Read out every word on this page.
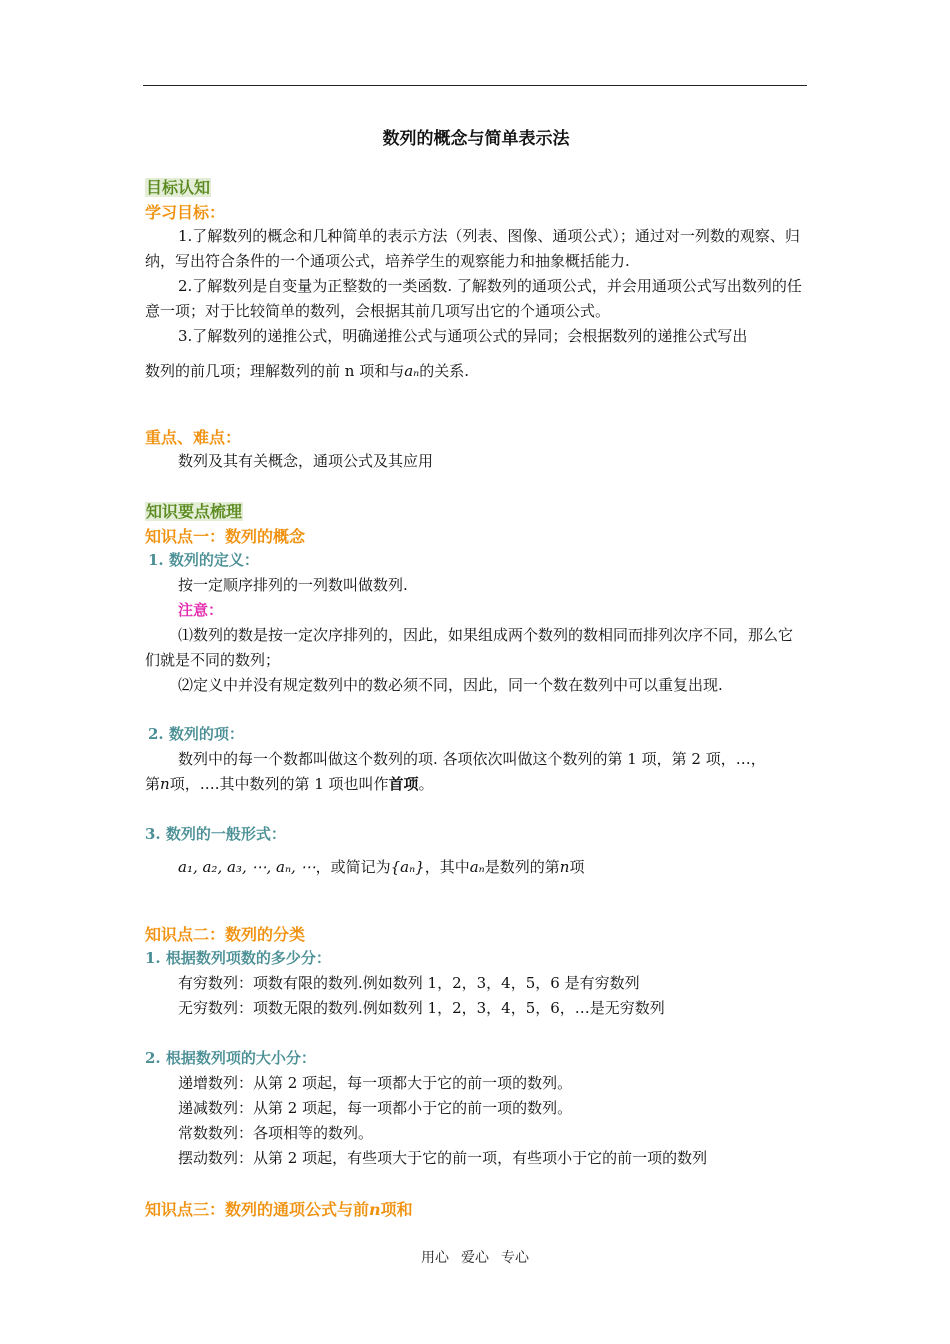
数列的概念与简单表示法
目标认知
学习目标：
1.了解数列的概念和几种简单的表示方法（列表、图像、通项公式）；通过对一列数的观察、归纳，写出符合条件的一个通项公式，培养学生的观察能力和抽象概括能力.
2.了解数列是自变量为正整数的一类函数. 了解数列的通项公式，并会用通项公式写出数列的任意一项；对于比较简单的数列，会根据其前几项写出它的个通项公式。
3.了解数列的递推公式，明确递推公式与通项公式的异同；会根据数列的递推公式写出
数列的前几项；理解数列的前 n 项和与aₙ的关系.
重点、难点：
数列及其有关概念，通项公式及其应用
知识要点梳理
知识点一：数列的概念
1. 数列的定义：
按一定顺序排列的一列数叫做数列.
注意：
⑴数列的数是按一定次序排列的，因此，如果组成两个数列的数相同而排列次序不同，那么它们就是不同的数列；
⑵定义中并没有规定数列中的数必须不同，因此，同一个数在数列中可以重复出现.
2. 数列的项：
数列中的每一个数都叫做这个数列的项. 各项依次叫做这个数列的第 1 项，第 2 项，…，
第n项，….其中数列的第 1 项也叫作首项。
3. 数列的一般形式：
a₁, a₂, a₃, ⋯, aₙ, ⋯，或简记为{aₙ}，其中aₙ是数列的第n项
知识点二：数列的分类
1. 根据数列项数的多少分：
有穷数列：项数有限的数列.例如数列 1，2，3，4，5，6 是有穷数列
无穷数列：项数无限的数列.例如数列 1，2，3，4，5，6，…是无穷数列
2. 根据数列项的大小分：
递增数列：从第 2 项起，每一项都大于它的前一项的数列。
递减数列：从第 2 项起，每一项都小于它的前一项的数列。
常数数列：各项相等的数列。
摆动数列：从第 2 项起，有些项大于它的前一项，有些项小于它的前一项的数列
知识点三：数列的通项公式与前n项和
用心 爱心 专心
